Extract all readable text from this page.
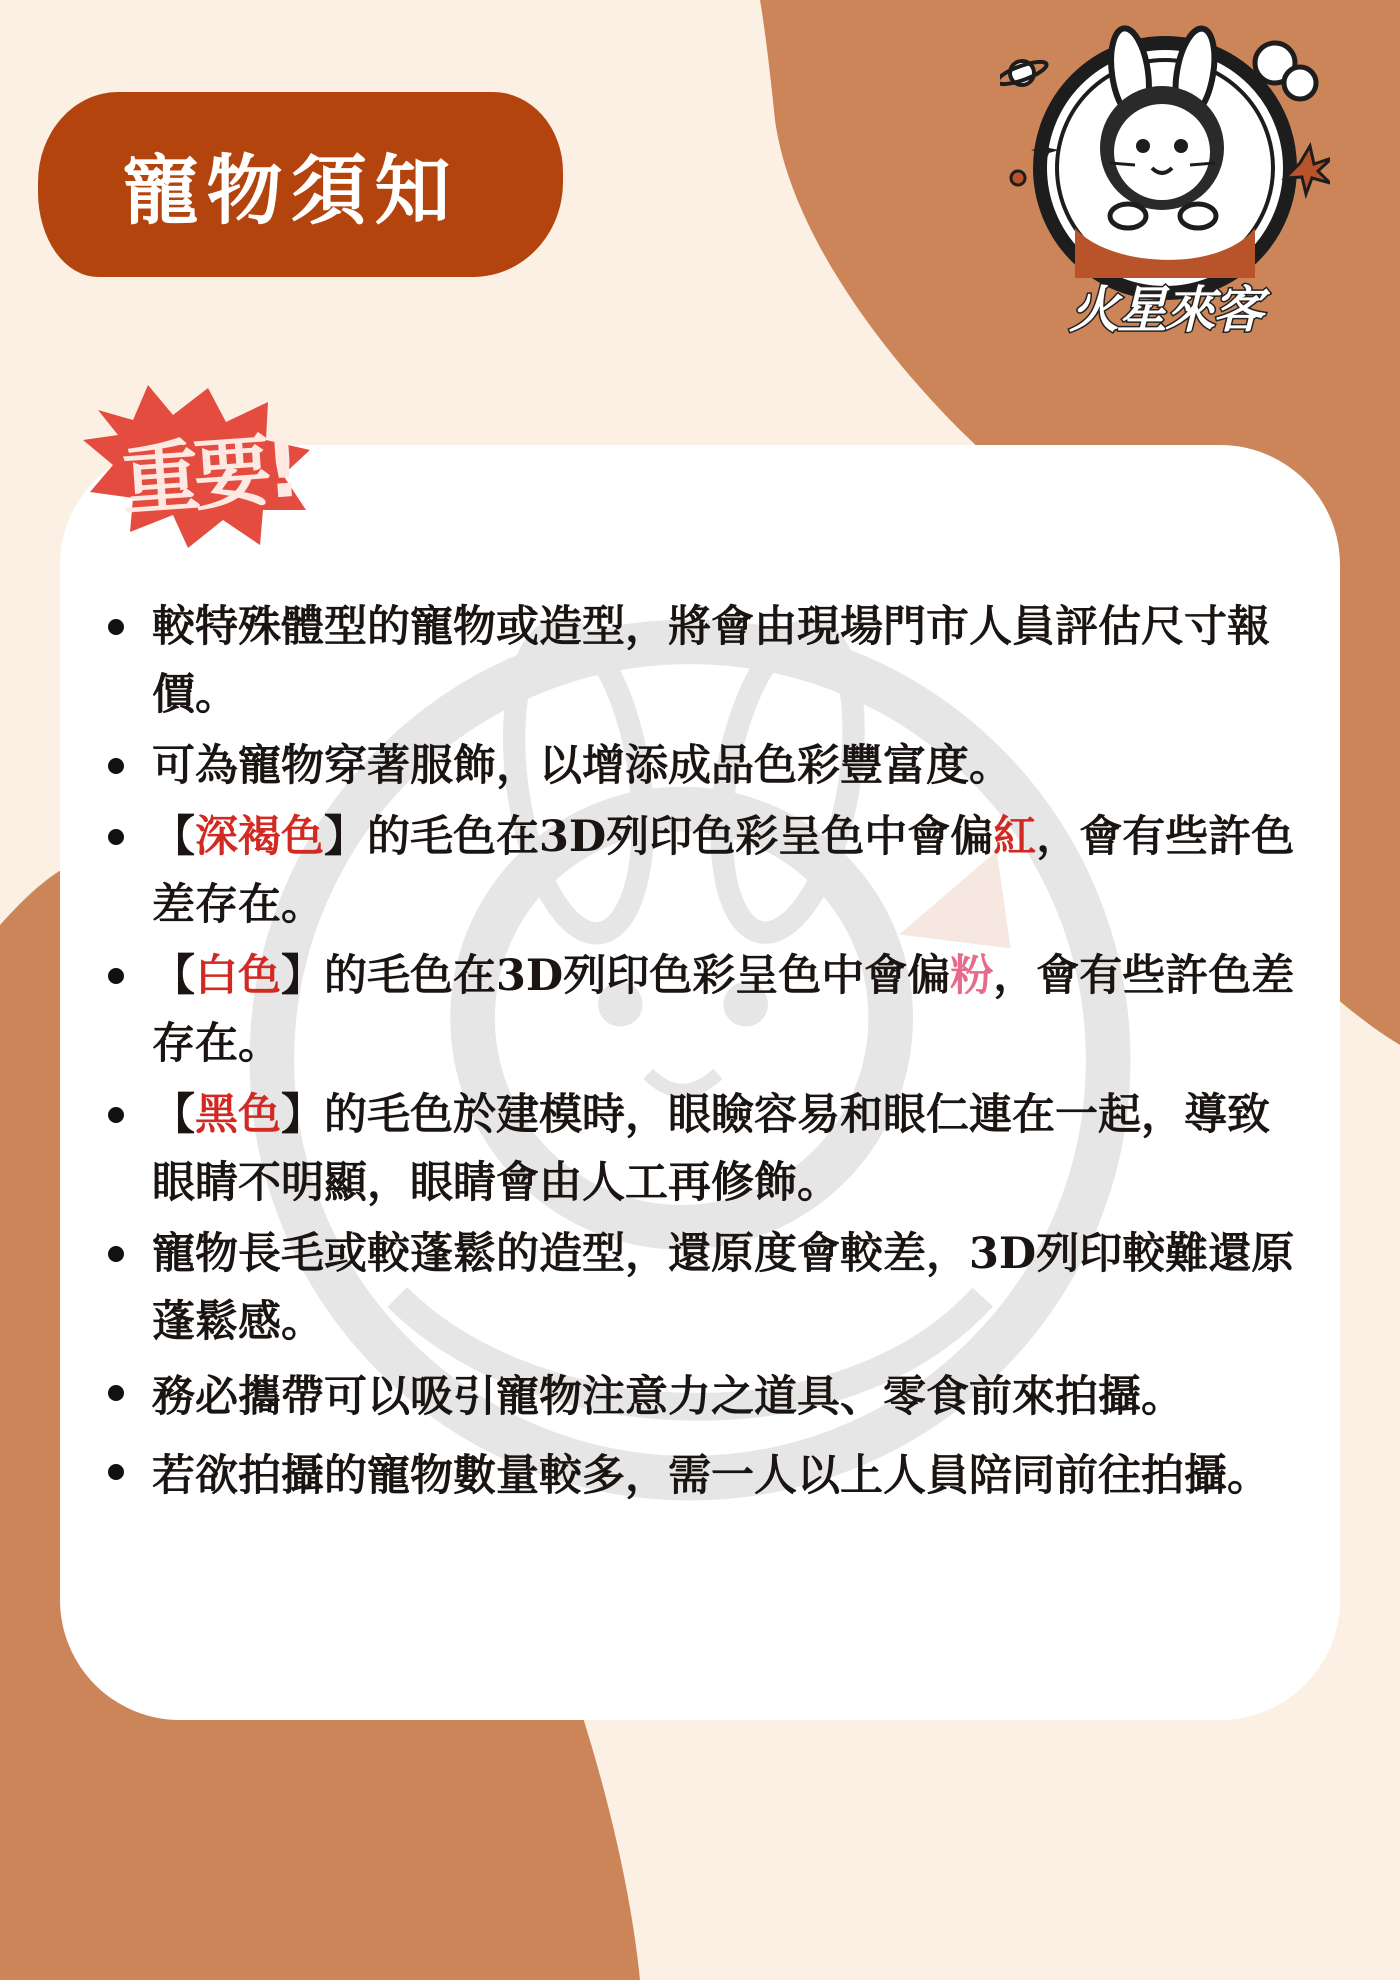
寵物須知
火星來客
重要!
較特殊體型的寵物或造型，將會由現場門市人員評估尺寸報價。
可為寵物穿著服飾，以增添成品色彩豐富度。
【深褐色】的毛色在3D列印色彩呈色中會偏紅，會有些許色差存在。
【白色】的毛色在3D列印色彩呈色中會偏粉，會有些許色差存在。
【黑色】的毛色於建模時，眼瞼容易和眼仁連在一起，導致眼睛不明顯，眼睛會由人工再修飾。
寵物長毛或較蓬鬆的造型，還原度會較差，3D列印較難還原蓬鬆感。
務必攜帶可以吸引寵物注意力之道具、零食前來拍攝。
若欲拍攝的寵物數量較多，需一人以上人員陪同前往拍攝。
